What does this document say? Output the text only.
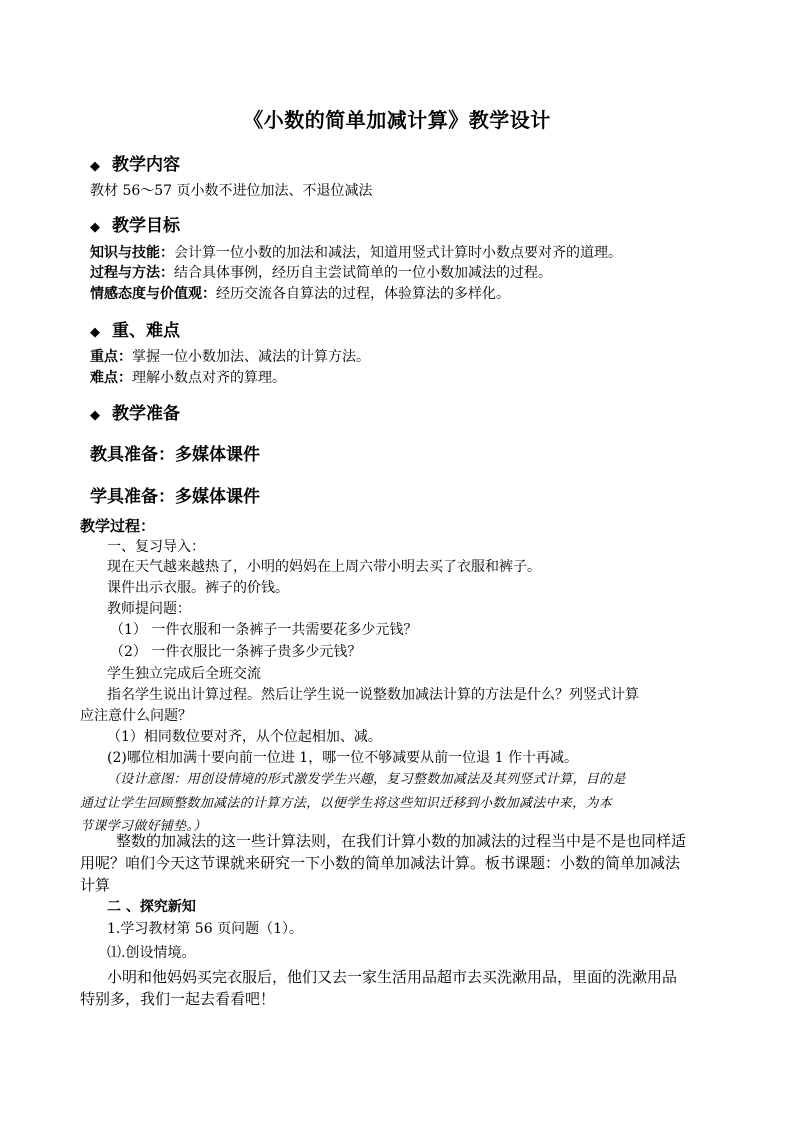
《小数的简单加减计算》教学设计
◆ 教学内容
教材 56～57 页小数不进位加法、不退位减法
◆ 教学目标
知识与技能：会计算一位小数的加法和减法，知道用竖式计算时小数点要对齐的道理。
过程与方法：结合具体事例，经历自主尝试简单的一位小数加减法的过程。
情感态度与价值观：经历交流各自算法的过程，体验算法的多样化。
◆ 重、难点
重点：掌握一位小数加法、减法的计算方法。
难点：理解小数点对齐的算理。
◆ 教学准备
教具准备：多媒体课件
学具准备：多媒体课件
教学过程：
一、复习导入：
现在天气越来越热了，小明的妈妈在上周六带小明去买了衣服和裤子。
课件出示衣服。裤子的价钱。
教师提问题：
（1） 一件衣服和一条裤子一共需要花多少元钱？
（2） 一件衣服比一条裤子贵多少元钱？
学生独立完成后全班交流
指名学生说出计算过程。然后让学生说一说整数加减法计算的方法是什么？列竖式计算
应注意什么问题？
（1）相同数位要对齐，从个位起相加、减。
(2)哪位相加满十要向前一位进 1，哪一位不够减要从前一位退 1 作十再减。
（设计意图：用创设情境的形式激发学生兴趣，复习整数加减法及其列竖式计算，目的是
通过让学生回顾整数加减法的计算方法，以便学生将这些知识迁移到小数加减法中来，为本
节课学习做好铺垫。）
整数的加减法的这一些计算法则，在我们计算小数的加减法的过程当中是不是也同样适
用呢？咱们今天这节课就来研究一下小数的简单加减法计算。板书课题：小数的简单加减法
计算
二 、探究新知
1.学习教材第 56 页问题（1）。
⑴.创设情境。
小明和他妈妈买完衣服后，他们又去一家生活用品超市去买洗漱用品，里面的洗漱用品
特别多，我们一起去看看吧！
